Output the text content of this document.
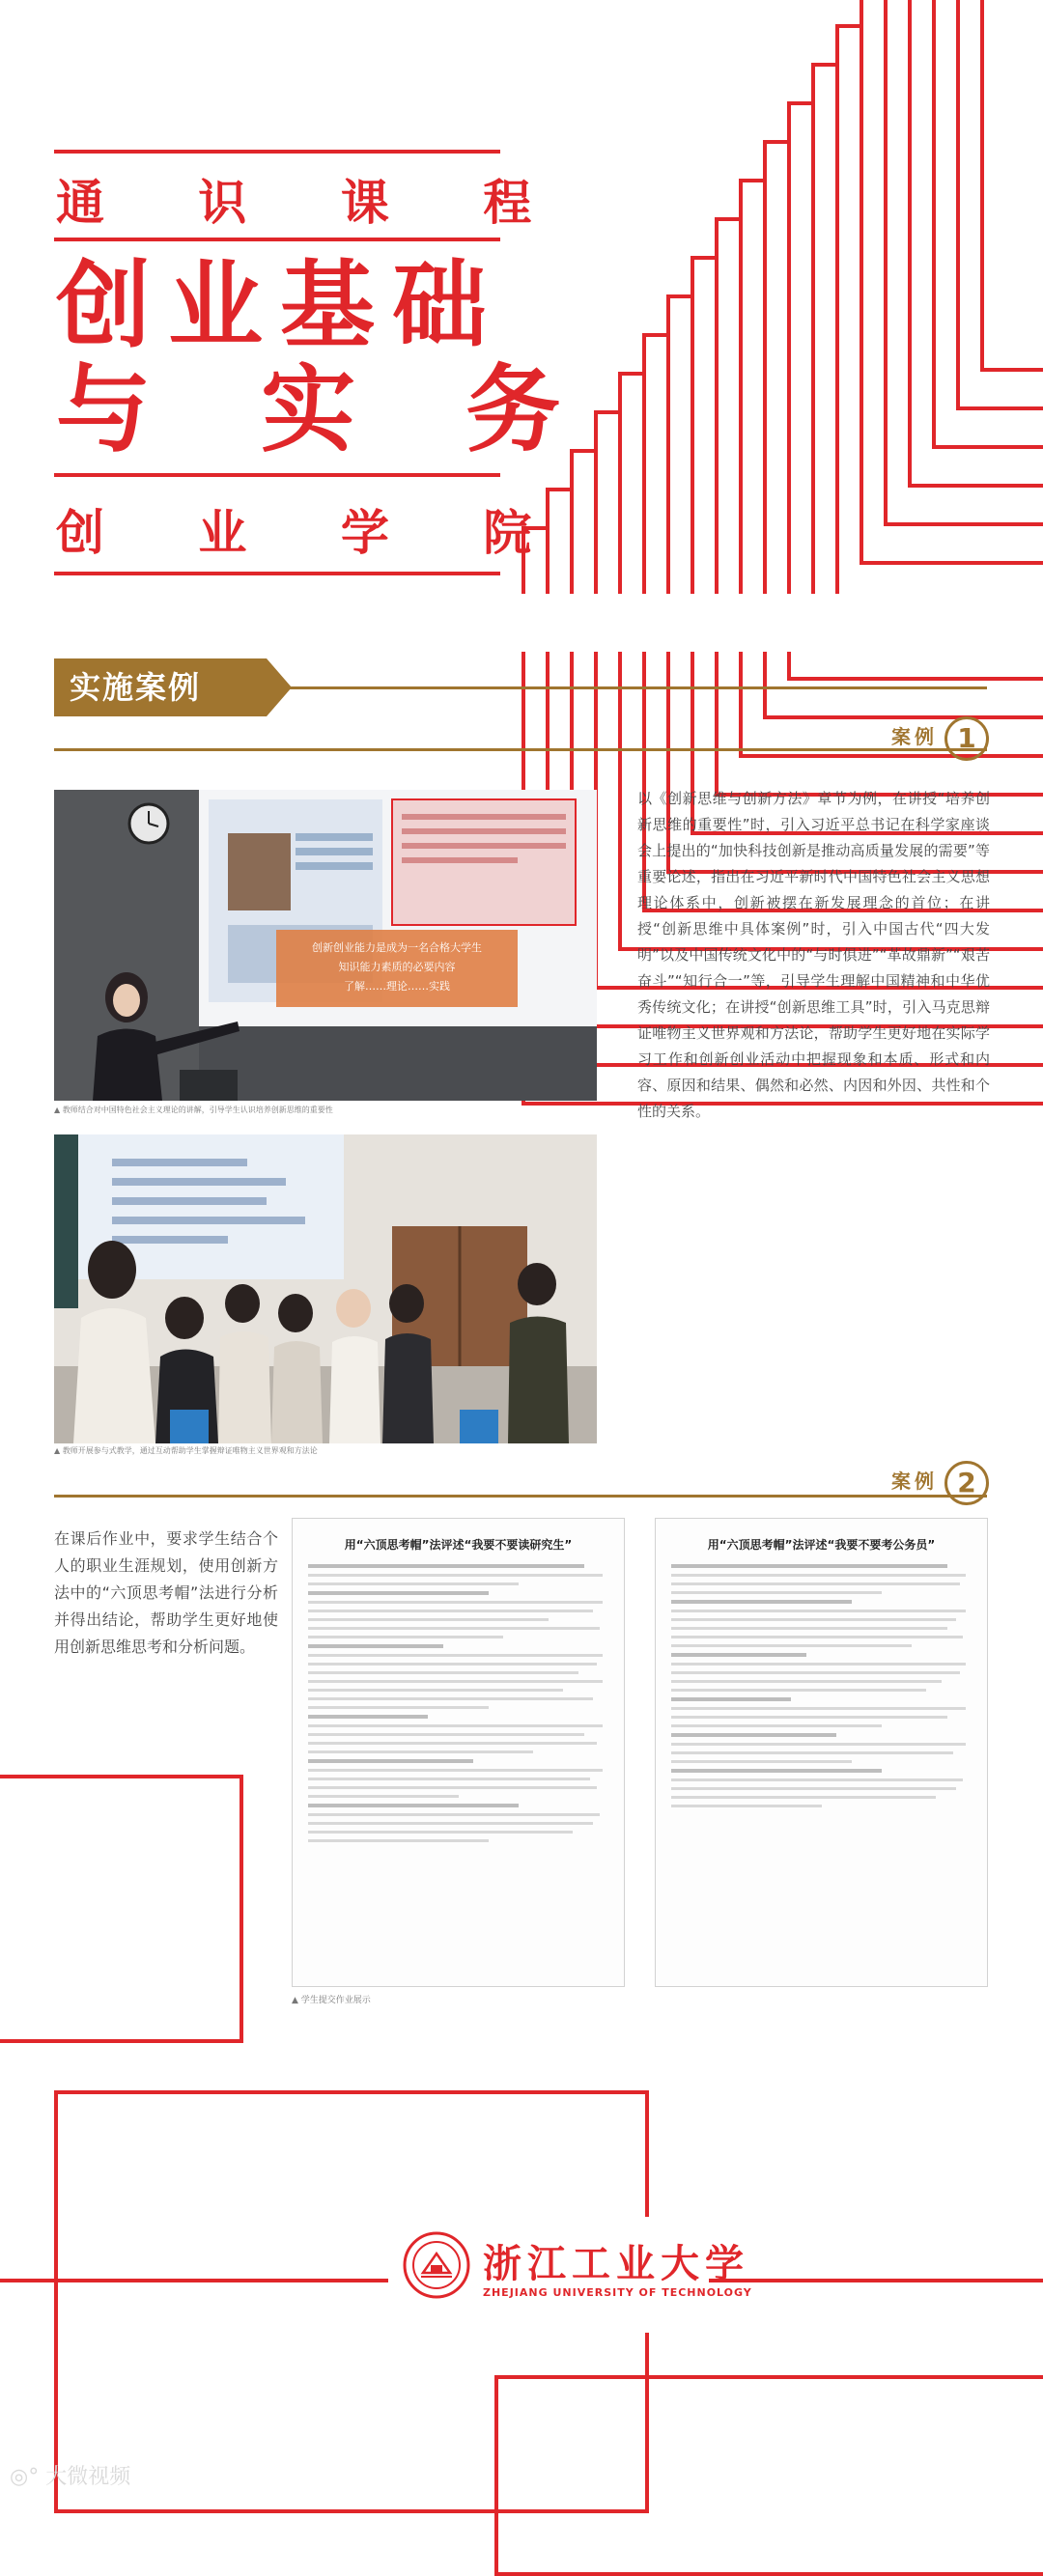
通 识 课 程
创业基础
与 实 务
创 业 学 院
实施案例
案例 1
创新创业能力是成为一名合格大学生
知识能力素质的必要内容
了解……理论……实践
▲ 教师结合对中国特色社会主义理论的讲解，引导学生认识培养创新思维的重要性
▲ 教师开展参与式教学，通过互动帮助学生掌握辩证唯物主义世界观和方法论
以《创新思维与创新方法》章节为例，在讲授“培养创新思维的重要性”时，引入习近平总书记在科学家座谈会上提出的“加快科技创新是推动高质量发展的需要”等重要论述，指出在习近平新时代中国特色社会主义思想理论体系中，创新被摆在新发展理念的首位；在讲授“创新思维中具体案例”时，引入中国古代“四大发明”以及中国传统文化中的“与时俱进”“革故鼎新”“艰苦奋斗”“知行合一”等，引导学生理解中国精神和中华优秀传统文化；在讲授“创新思维工具”时，引入马克思辩证唯物主义世界观和方法论，帮助学生更好地在实际学习工作和创新创业活动中把握现象和本质、形式和内容、原因和结果、偶然和必然、内因和外因、共性和个性的关系。
案例 2
在课后作业中，要求学生结合个人的职业生涯规划，使用创新方法中的“六顶思考帽”法进行分析并得出结论，帮助学生更好地使用创新思维思考和分析问题。
用“六顶思考帽”法评述“我要不要读研究生”	用“六顶思考帽”法评述“我要不要考公务员”
▲ 学生提交作业展示
浙江工业大学
ZHEJIANG UNIVERSITY OF TECHNOLOGY
◎° 大微视频
